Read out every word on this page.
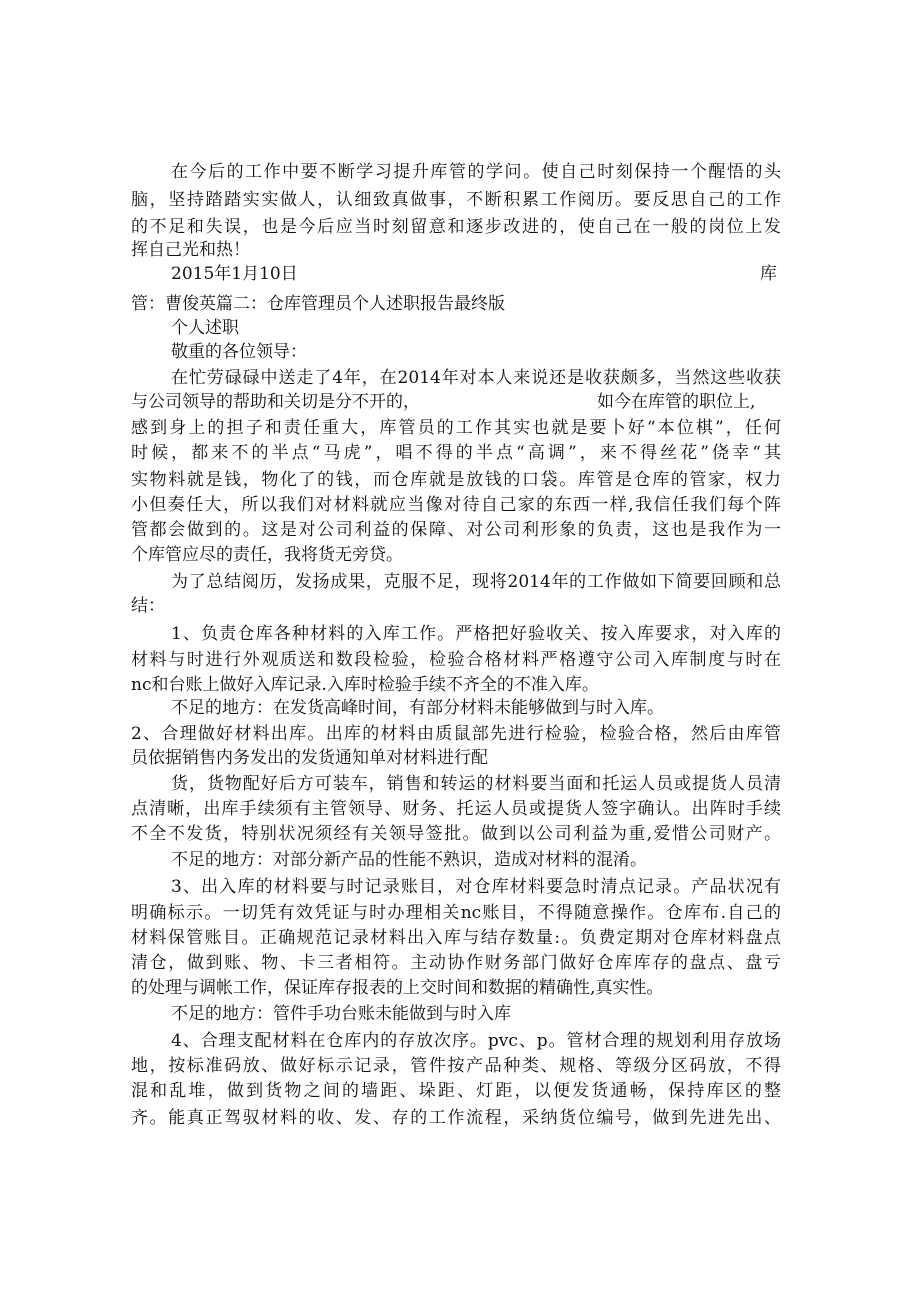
在今后的工作中要不断学习提升库管的学问。使自己时刻保持一个醒悟的头
脑，坚持踏踏实实做人，认细致真做事，不断积累工作阅历。要反思自己的工作
的不足和失误，也是今后应当时刻留意和逐步改进的，使自己在一般的岗位上发
挥自己光和热！
2015年1月10日	库
管：曹俊英篇二：仓库管理员个人述职报告最终版
个人述职
敬重的各位领导：
在忙劳碌碌中送走了4年，在2014年对本人来说还是收获颇多，当然这些收获
与公司领导的帮助和关切是分不开的，	如今在库管的职位上,
感到身上的担子和责任重大，库管员的工作其实也就是要卜好“本位棋”，任何
时候，都来不的半点“马虎”，唱不得的半点“高调”，来不得丝花”侥幸“其
实物料就是钱，物化了的钱，而仓库就是放钱的口袋。库管是仓库的管家，权力
小但奏任大，所以我们对材料就应当像对待自己家的东西一样,我信任我们每个阵
管都会做到的。这是对公司利益的保障、对公司利形象的负责，这也是我作为一
个库管应尽的责任，我将货无旁贷。
为了总结阅历，发扬成果，克服不足，现将2014年的工作做如下简要回顾和总
结：
1、负责仓库各种材料的入库工作。严格把好验收关、按入库要求，对入库的
材料与时进行外观质送和数段检验，检验合格材料严格遵守公司入库制度与时在
nc和台账上做好入库记录.入库时检验手续不齐全的不准入库。
不足的地方：在发货高峰时间，有部分材料未能够做到与时入库。
2、合理做好材料出库。出库的材料由质鼠部先进行检验，检验合格，然后由库管
员依据销售内务发出的发货通知单对材料进行配
货，货物配好后方可装车，销售和转运的材料要当面和托运人员或提货人员清
点清晰，出库手续须有主管领导、财务、托运人员或提货人签字确认。出阵时手续
不全不发货，特别状况须经有关领导签批。做到以公司利益为重,爱惜公司财产。
不足的地方：对部分新产品的性能不熟识，造成对材料的混淆。
3、出入库的材料要与时记录账目，对仓库材料要急时清点记录。产品状况有
明确标示。一切凭有效凭证与时办理相关nc账目，不得随意操作。仓库布.自己的
材料保管账目。正确规范记录材料出入库与结存数量:。负费定期对仓库材料盘点
清仓，做到账、物、卡三者相符。主动协作财务部门做好仓库库存的盘点、盘亏
的处理与调帐工作，保证库存报表的上交时间和数据的精确性,真实性。
不足的地方：管件手功台账未能做到与时入库
4、合理支配材料在仓库内的存放次序。pvc、p。管材合理的规划利用存放场
地，按标准码放、做好标示记录，管件按产品种类、规格、等级分区码放，不得
混和乱堆，做到货物之间的墙距、垛距、灯距，以便发货通畅，保持库区的整
齐。能真正驾驭材料的收、发、存的工作流程，采纳货位编号，做到先进先出、
